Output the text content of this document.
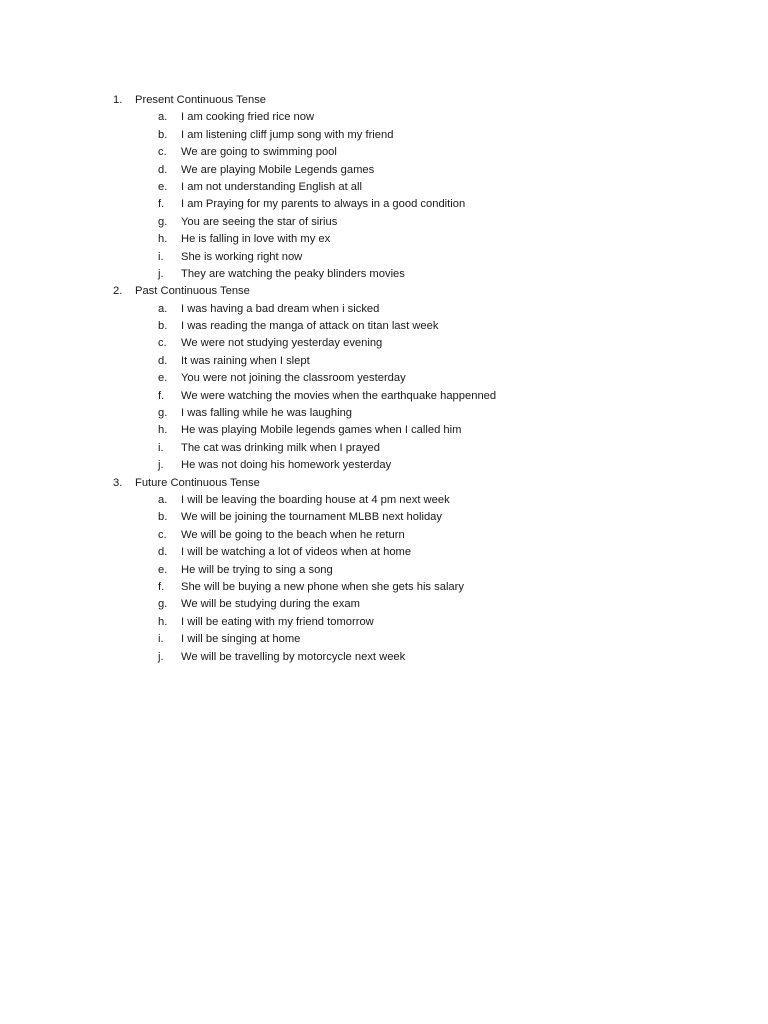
1. Present Continuous Tense
a. I am cooking fried rice now
b. I am listening cliff jump song with my friend
c. We are going to swimming pool
d. We are playing Mobile Legends games
e. I am not understanding English at all
f. I am Praying for my parents to always in a good condition
g. You are seeing the star of sirius
h. He is falling in love with my ex
i. She is working right now
j. They are watching the peaky blinders movies
2. Past Continuous Tense
a. I was having a bad dream when i sicked
b. I was reading the manga of attack on titan last week
c. We were not studying yesterday evening
d. It was raining when I slept
e. You were not joining the classroom yesterday
f. We were watching the movies when the earthquake happenned
g. I was falling while he was laughing
h. He was playing Mobile legends games when I called him
i. The cat was drinking milk when I prayed
j. He was not doing his homework yesterday
3. Future Continuous Tense
a. I will be leaving the boarding house at 4 pm next week
b. We will be joining the tournament MLBB next holiday
c. We will be going to the beach when he return
d. I will be watching a lot of videos when at home
e. He will be trying to sing a song
f. She will be buying a new phone when she gets his salary
g. We will be studying during the exam
h. I will be eating with my friend tomorrow
i. I will be singing at home
j. We will be travelling by motorcycle next week
